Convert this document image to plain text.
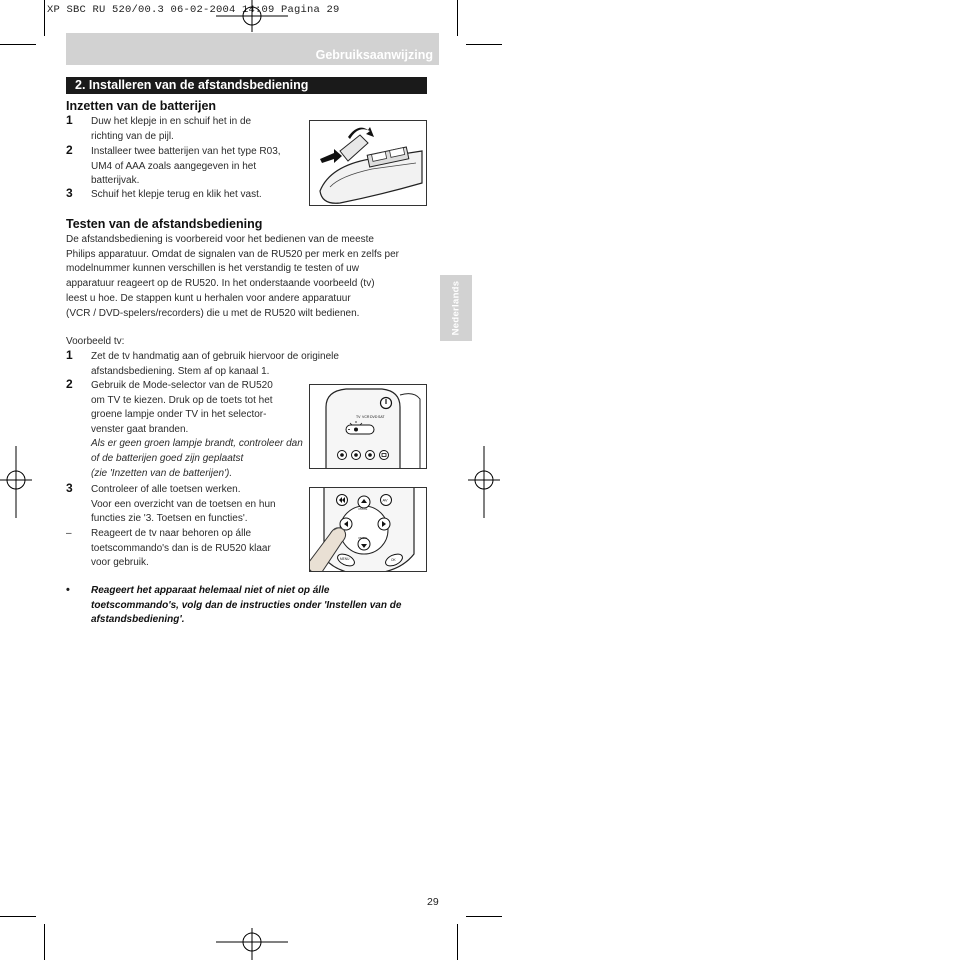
XP SBC RU 520/00.3 06-02-2004 14:09 Pagina 29
Gebruiksaanwijzing
2. Installeren van de afstandsbediening
Inzetten van de batterijen
1 Duw het klepje in en schuif het in de
richting van de pijl.
2 Installeer twee batterijen van het type R03,
UM4 of AAA zoals aangegeven in het
batterijvak.
3 Schuif het klepje terug en klik het vast.
Testen van de afstandsbediening
De afstandsbediening is voorbereid voor het bedienen van de meeste
Philips apparatuur. Omdat de signalen van de RU520 per merk en zelfs per
modelnummer kunnen verschillen is het verstandig te testen of uw
apparatuur reageert op de RU520. In het onderstaande voorbeeld (tv)
leest u hoe. De stappen kunt u herhalen voor andere apparatuur
(VCR / DVD-spelers/recorders) die u met de RU520 wilt bedienen.
Voorbeeld tv:
1 Zet de tv handmatig aan of gebruik hiervoor de originele
afstandsbediening. Stem af op kanaal 1.
2 Gebruik de Mode-selector van de RU520
om TV te kiezen. Druk op de toets tot het
groene lampje onder TV in het selector-
venster gaat branden.
Als er geen groen lampje brandt, controleer dan
of de batterijen goed zijn geplaatst
(zie 'Inzetten van de batterijen').
3 Controleer of alle toetsen werken.
Voor een overzicht van de toetsen en hun
functies zie '3. Toetsen en functies'.
– Reageert de tv naar behoren op álle
toetscommando's dan is de RU520 klaar
voor gebruik.
TV VCR DVD SAT
AV
PROG
PROG
MENU	OK
• Reageert het apparaat helemaal niet of niet op álle
toetscommando's, volg dan de instructies onder 'Instellen van de
afstandsbediening'.
Nederlands
29
